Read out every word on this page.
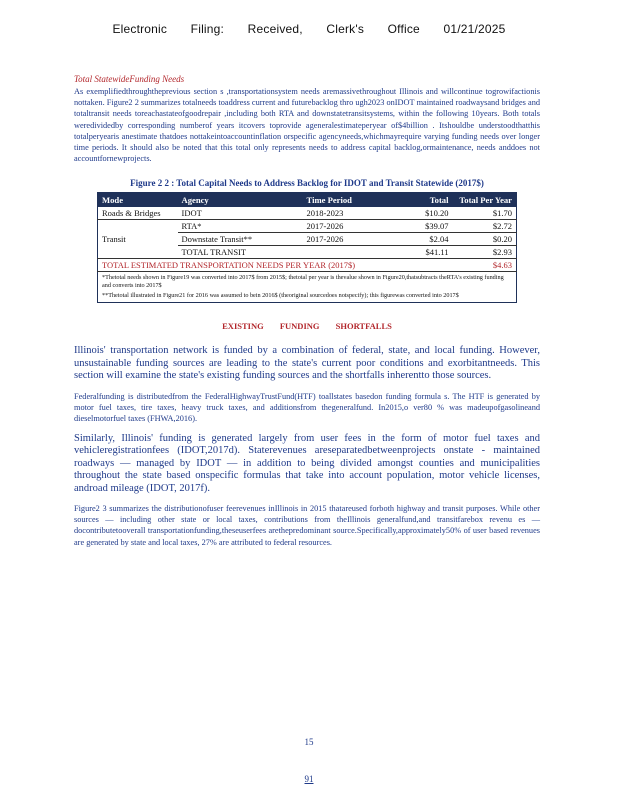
Electronic Filing: Received, Clerk's Office 01/21/2025
Total StatewideFunding Needs

As exemplifiedthroughtheprevious section s ,transportationsystem needs aremassivethroughout Illinois and willcontinue togrowifactionis nottaken. Figure2 2 summarizes totalneeds toaddress current and futurebacklog thro ugh2023 onIDOT maintained roadwaysand bridges and totaltransit needs toreachastateofgoodrepair ,including both RTA and downstatetransitsystems, within the following 10years. Both totals weredividedby corresponding numberof years itcovers toprovide ageneralestimateperyear of$4billion . Itshouldbe understoodthatthis totalperyearis anestimate thatdoes nottakeintoaccountinflation orspecific agencyneeds,whichmayrequire varying funding needs over longer time periods. It should also be noted that this total only represents needs to address capital backlog,ormaintenance, needs anddoes not accountfornewprojects.

Figure 2 2 : Total Capital Needs to Address Backlog for IDOT and Transit Statewide (2017$)
Mode	Agency	Time Period	Total	Total Per Year
Roads & Bridges	IDOT	2018-2023	$10.20	$1.70
	RTA*	2017-2026	$39.07	$2.72
Transit	Downstate Transit**	2017-2026	$2.04	$0.20
	TOTAL TRANSIT		$41.11	$2.93
TOTAL ESTIMATED TRANSPORTATION NEEDS PER YEAR (2017$)				$4.63

*Thetotal needs shown in Figure19 was converted into 2017$ from 2015$; thetotal per year is thevalue shown in Figure20,thatsubtracts theRTA's existing funding and converts into 2017$
**Thetotal illustrated in Figure21 for 2016 was assumed to bein 2016$ (theoriginal sourcedoes notspecify); this figurewas converted into 2017$				
EXISTING FUNDING SHORTFALLS

Illinois' transportation network is funded by a combination of federal, state, and local funding. However, unsustainable funding sources are leading to the state's current poor conditions and exorbitantneeds. This section will examine the state's existing funding sources and the shortfalls inherentto those sources.

Federalfunding is distributedfrom the FederalHighwayTrustFund(HTF) toallstates basedon funding formula s. The HTF is generated by motor fuel taxes, tire taxes, heavy truck taxes, and additionsfrom thegeneralfund. In2015,o ver80 % was madeupofgasolineand dieselmotorfuel taxes (FHWA,2016).

Similarly, Illinois' funding is generated largely from user fees in the form of motor fuel taxes and vehicleregistrationfees (IDOT,2017d). Staterevenues areseparatedbetweenprojects onstate - maintained roadways — managed by IDOT — in addition to being divided amongst counties and municipalities throughout the state based onspecific formulas that take into account population, motor vehicle licenses, androad mileage (IDOT, 2017f).

Figure2 3 summarizes the distributionofuser feerevenues inIllinois in 2015 thatareused forboth highway and transit purposes. While other sources — including other state or local taxes, contributions from theIllinois generalfund,and transitfarebox revenu es — docontributetooverall transportationfunding,theseuserfees arethepredominant source.Specifically,approximately50% of user based revenues are generated by state and local taxes, 27% are attributed to federal resources.

15
91
